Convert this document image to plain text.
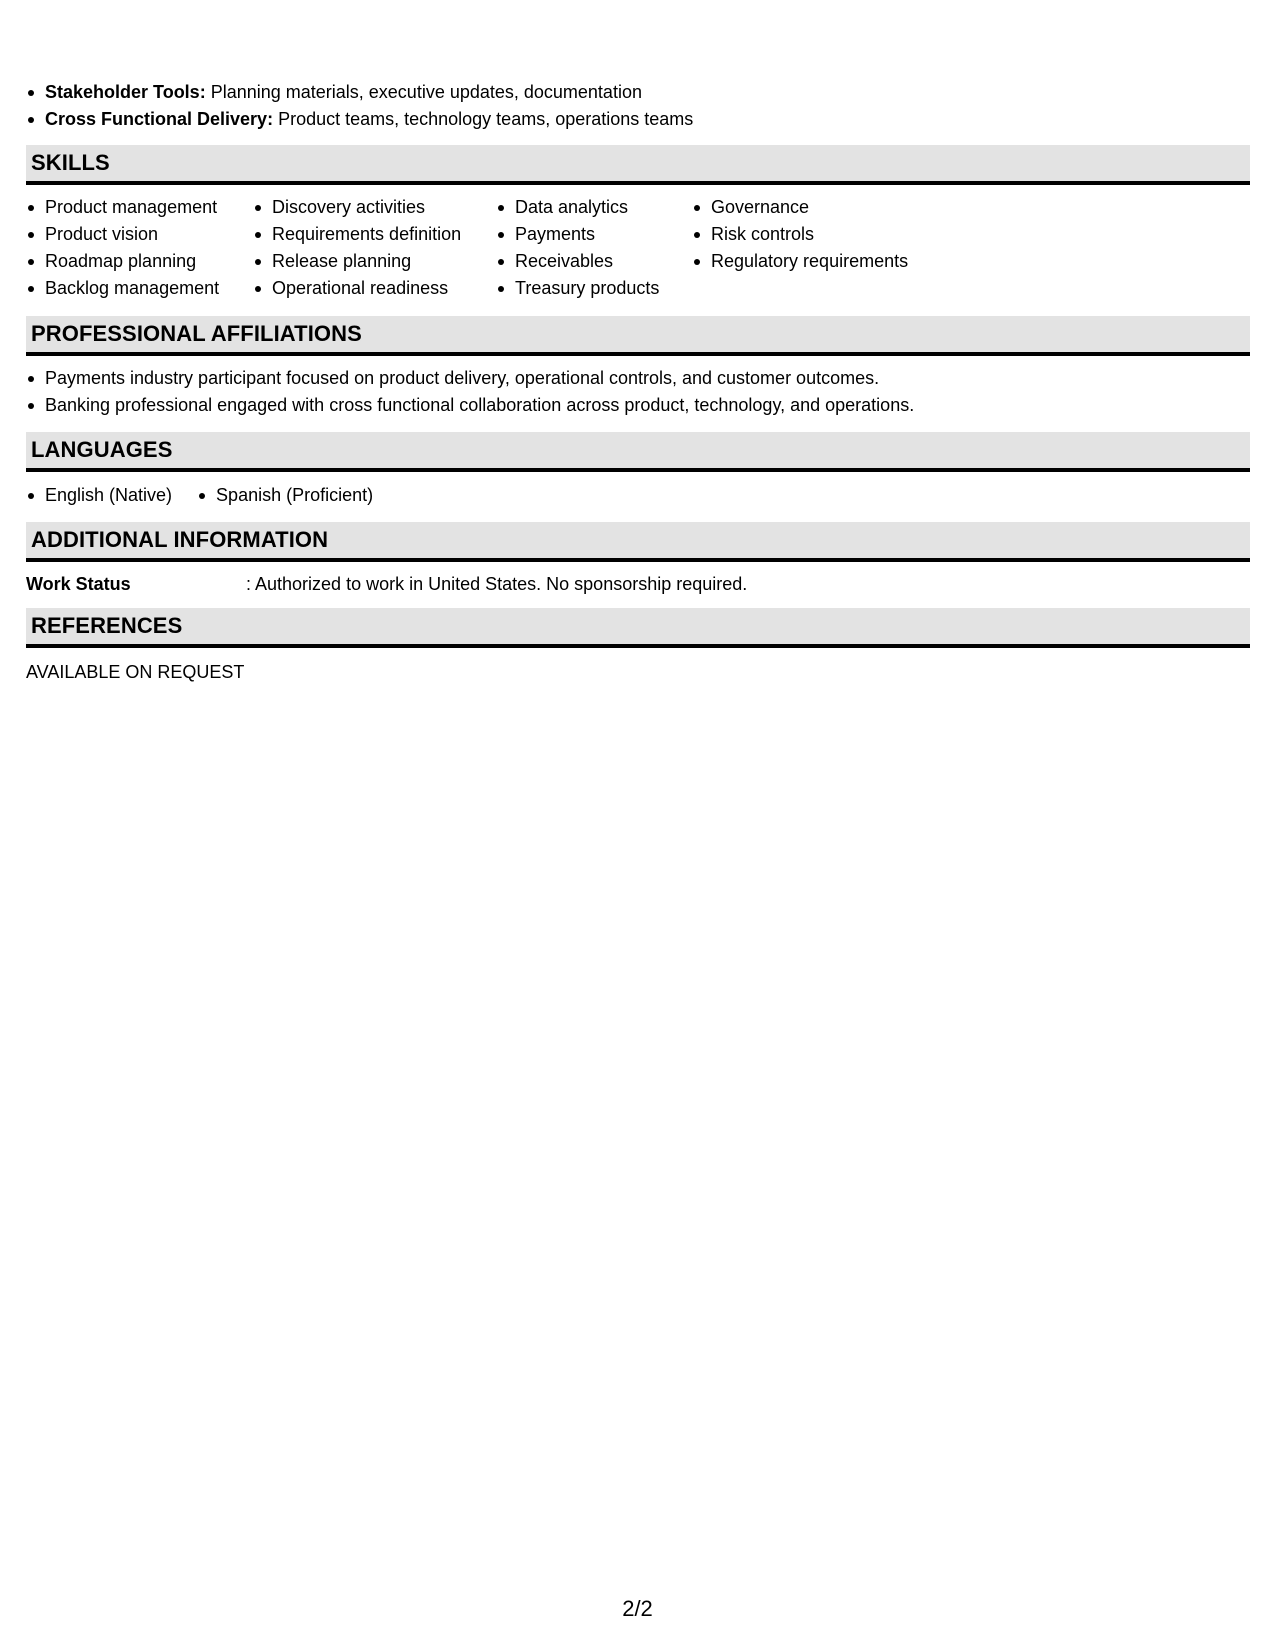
Stakeholder Tools: Planning materials, executive updates, documentation
Cross Functional Delivery: Product teams, technology teams, operations teams
SKILLS
Product management
Product vision
Roadmap planning
Backlog management
Discovery activities
Requirements definition
Release planning
Operational readiness
Data analytics
Payments
Receivables
Treasury products
Governance
Risk controls
Regulatory requirements
PROFESSIONAL AFFILIATIONS
Payments industry participant focused on product delivery, operational controls, and customer outcomes.
Banking professional engaged with cross functional collaboration across product, technology, and operations.
LANGUAGES
English (Native)	Spanish (Proficient)
ADDITIONAL INFORMATION
Work Status	: Authorized to work in United States. No sponsorship required.
REFERENCES
AVAILABLE ON REQUEST
2/2
